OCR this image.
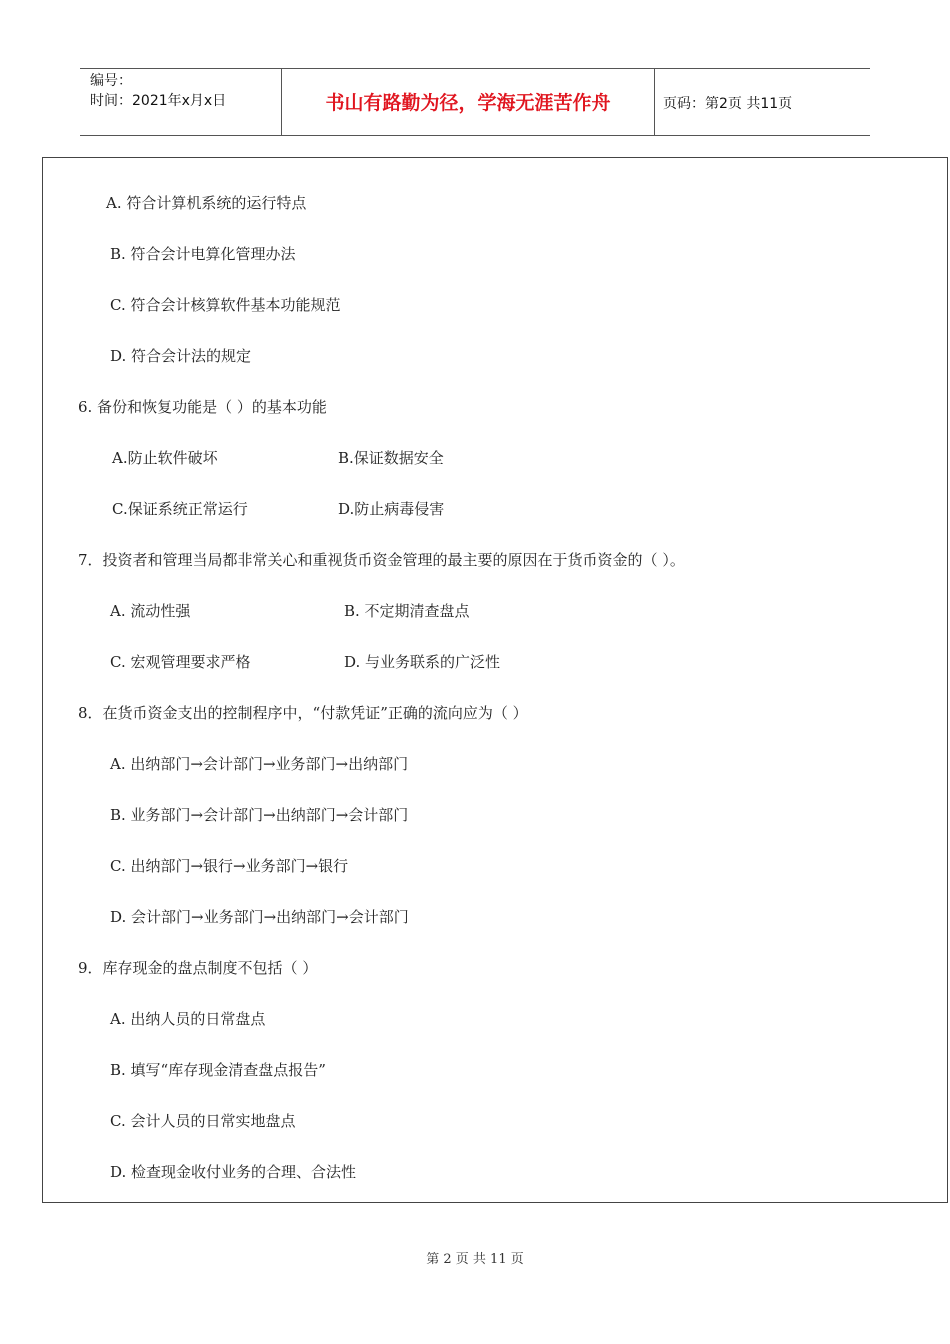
编号：
时间：2021年x月x日	书山有路勤为径，学海无涯苦作舟	页码：第2页 共11页
A. 符合计算机系统的运行特点
B. 符合会计电算化管理办法
C. 符合会计核算软件基本功能规范
D. 符合会计法的规定
6. 备份和恢复功能是（ ）的基本功能
A.防止软件破坏	B.保证数据安全
C.保证系统正常运行	D.防止病毒侵害
7．投资者和管理当局都非常关心和重视货币资金管理的最主要的原因在于货币资金的（ ）。
A. 流动性强	B. 不定期清查盘点
C. 宏观管理要求严格	D. 与业务联系的广泛性
8．在货币资金支出的控制程序中，“付款凭证”正确的流向应为（ ）
A. 出纳部门→会计部门→业务部门→出纳部门
B. 业务部门→会计部门→出纳部门→会计部门
C. 出纳部门→银行→业务部门→银行
D. 会计部门→业务部门→出纳部门→会计部门
9．库存现金的盘点制度不包括（ ）
A. 出纳人员的日常盘点
B. 填写“库存现金清查盘点报告”
C. 会计人员的日常实地盘点
D. 检查现金收付业务的合理、合法性
第 2 页 共 11 页
